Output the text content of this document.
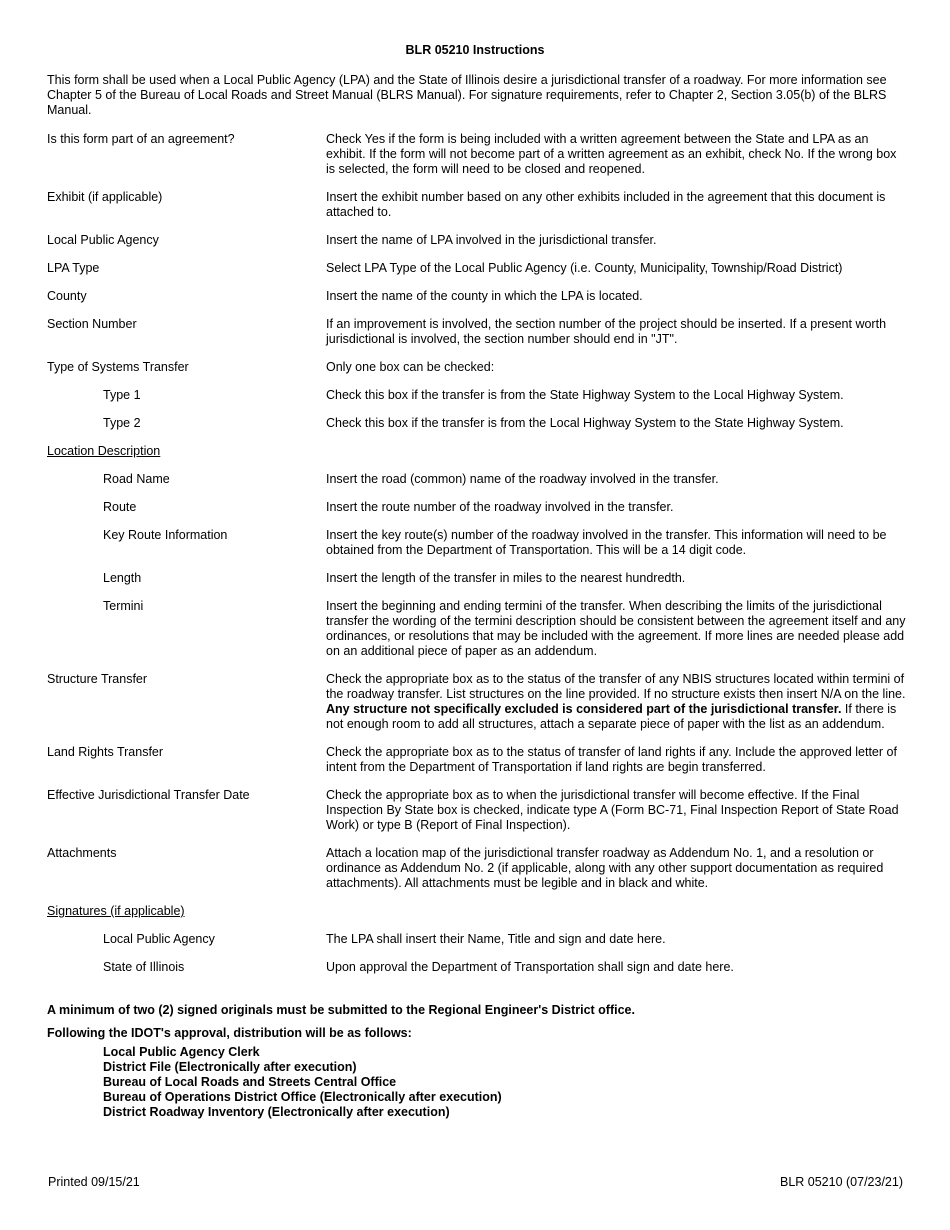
BLR 05210 Instructions
This form shall be used when a Local Public Agency (LPA) and the State of Illinois desire a jurisdictional transfer of a roadway. For more information see Chapter 5 of the Bureau of Local Roads and Street Manual (BLRS Manual). For signature requirements, refer to Chapter 2, Section 3.05(b) of the BLRS Manual.
Is this form part of an agreement?	Check Yes if the form is being included with a written agreement between the State and LPA as an exhibit. If the form will not become part of a written agreement as an exhibit, check No. If the wrong box is selected, the form will need to be closed and reopened.
Exhibit (if applicable)	Insert the exhibit number based on any other exhibits included in the agreement that this document is attached to.
Local Public Agency	Insert the name of LPA involved in the jurisdictional transfer.
LPA Type	Select LPA Type of the Local Public Agency (i.e. County, Municipality, Township/Road District)
County	Insert the name of the county in which the LPA is located.
Section Number	If an improvement is involved, the section number of the project should be inserted. If a present worth jurisdictional is involved, the section number should end in "JT".
Type of Systems Transfer	Only one box can be checked:
Type 1	Check this box if the transfer is from the State Highway System to the Local Highway System.
Type 2	Check this box if the transfer is from the Local Highway System to the State Highway System.
Location Description
Road Name	Insert the road (common) name of the roadway involved in the transfer.
Route	Insert the route number of the roadway involved in the transfer.
Key Route Information	Insert the key route(s) number of the roadway involved in the transfer. This information will need to be obtained from the Department of Transportation. This will be a 14 digit code.
Length	Insert the length of the transfer in miles to the nearest hundredth.
Termini	Insert the beginning and ending termini of the transfer. When describing the limits of the jurisdictional transfer the wording of the termini description should be consistent between the agreement itself and any ordinances, or resolutions that may be included with the agreement. If more lines are needed please add on an additional piece of paper as an addendum.
Structure Transfer	Check the appropriate box as to the status of the transfer of any NBIS structures located within termini of the roadway transfer. List structures on the line provided. If no structure exists then insert N/A on the line. Any structure not specifically excluded is considered part of the jurisdictional transfer. If there is not enough room to add all structures, attach a separate piece of paper with the list as an addendum.
Land Rights Transfer	Check the appropriate box as to the status of transfer of land rights if any. Include the approved letter of intent from the Department of Transportation if land rights are begin transferred.
Effective Jurisdictional Transfer Date	Check the appropriate box as to when the jurisdictional transfer will become effective. If the Final Inspection By State box is checked, indicate type A (Form BC-71, Final Inspection Report of State Road Work) or type B (Report of Final Inspection).
Attachments	Attach a location map of the jurisdictional transfer roadway as Addendum No. 1, and a resolution or ordinance as Addendum No. 2 (if applicable, along with any other support documentation as required attachments). All attachments must be legible and in black and white.
Signatures (if applicable)
Local Public Agency	The LPA shall insert their Name, Title and sign and date here.
State of Illinois	Upon approval the Department of Transportation shall sign and date here.

A minimum of two (2) signed originals must be submitted to the Regional Engineer's District office.

Following the IDOT's approval, distribution will be as follows:

Local Public Agency Clerk
District File (Electronically after execution)
Bureau of Local Roads and Streets Central Office
Bureau of Operations District Office (Electronically after execution)
District Roadway Inventory (Electronically after execution)
Printed 09/15/21	BLR 05210 (07/23/21)
